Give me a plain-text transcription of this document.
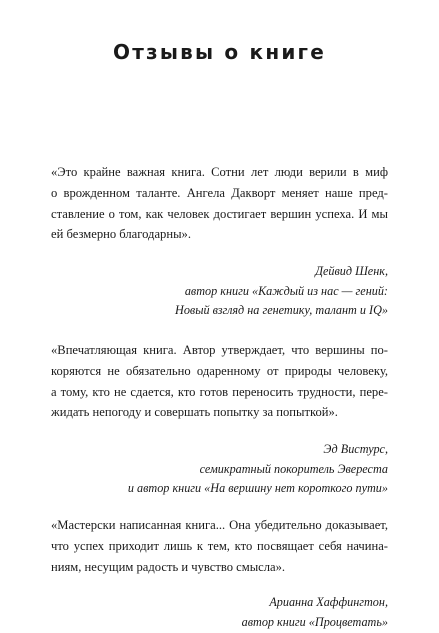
Отзывы о книге

«Это крайне важная книга. Сотни лет люди верили в миф
о врожденном таланте. Ангела Дакворт меняет наше пред-
ставление о том, как человек достигает вершин успеха. И мы
ей безмерно благодарны».

Дейвид Шенк,
автор книги «Каждый из нас — гений:
Новый взгляд на генетику, талант и IQ»

«Впечатляющая книга. Автор утверждает, что вершины по-
коряются не обязательно одаренному от природы человеку,
а тому, кто не сдается, кто готов переносить трудности, пере-
жидать непогоду и совершать попытку за попыткой».

Эд Вистурс,
семикратный покоритель Эвереста
и автор книги «На вершину нет короткого пути»

«Мастерски написанная книга... Она убедительно доказывает,
что успех приходит лишь к тем, кто посвящает себя начина-
ниям, несущим радость и чувство смысла».

Арианна Хаффингтон,
автор книги «Процветать»
